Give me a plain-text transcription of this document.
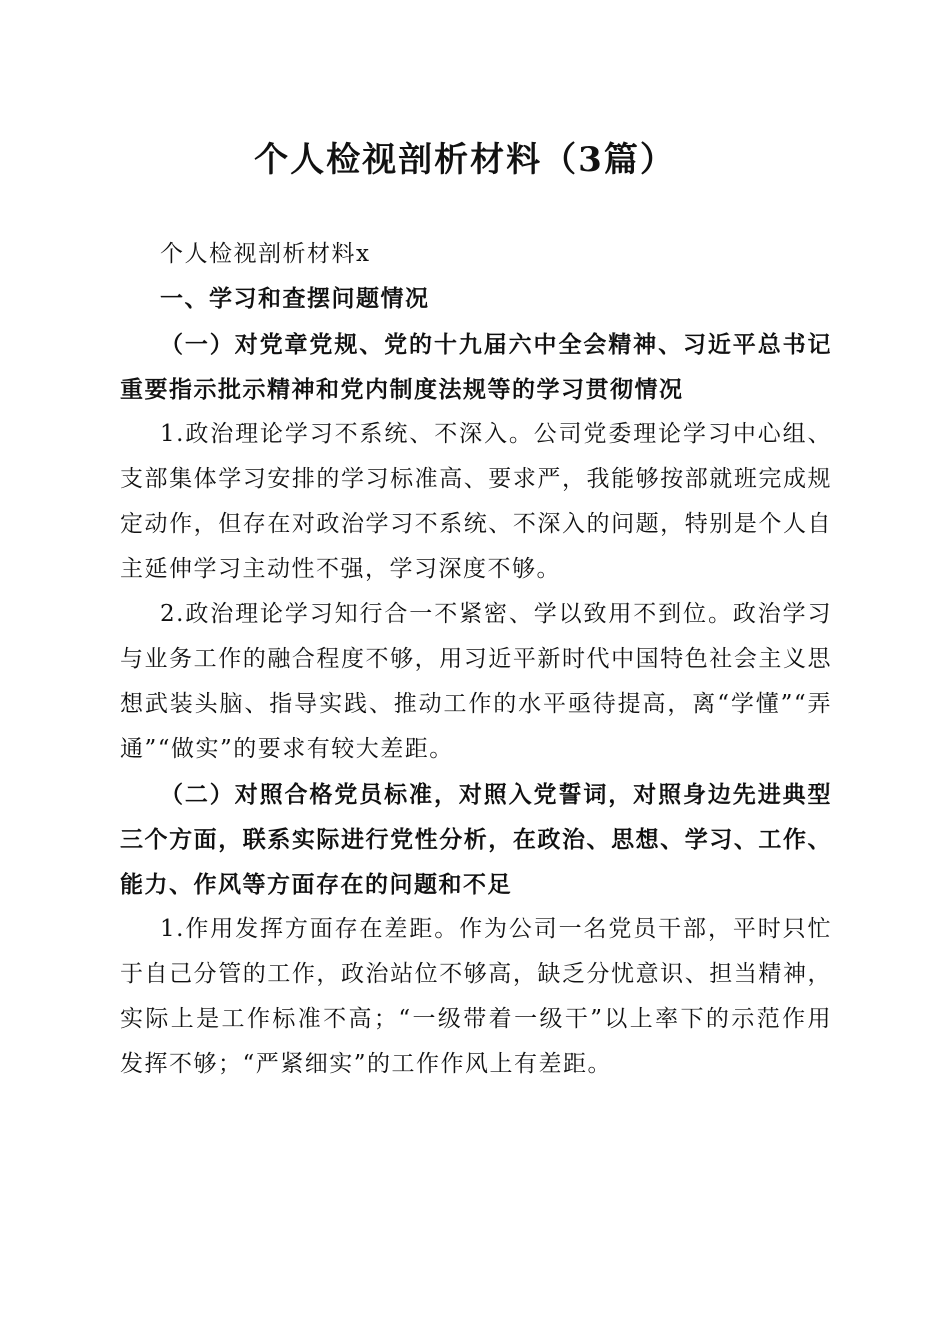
个人检视剖析材料（3篇）

个人检视剖析材料x

一、学习和查摆问题情况

（一）对党章党规、党的十九届六中全会精神、习近平总书记重要指示批示精神和党内制度法规等的学习贯彻情况

1.政治理论学习不系统、不深入。公司党委理论学习中心组、支部集体学习安排的学习标准高、要求严，我能够按部就班完成规定动作，但存在对政治学习不系统、不深入的问题，特别是个人自主延伸学习主动性不强，学习深度不够。

2.政治理论学习知行合一不紧密、学以致用不到位。政治学习与业务工作的融合程度不够，用习近平新时代中国特色社会主义思想武装头脑、指导实践、推动工作的水平亟待提高，离“学懂”“弄通”“做实”的要求有较大差距。

（二）对照合格党员标准，对照入党誓词，对照身边先进典型三个方面，联系实际进行党性分析，在政治、思想、学习、工作、能力、作风等方面存在的问题和不足

1.作用发挥方面存在差距。作为公司一名党员干部，平时只忙于自己分管的工作，政治站位不够高，缺乏分忧意识、担当精神，实际上是工作标准不高；“一级带着一级干”以上率下的示范作用发挥不够；“严紧细实”的工作作风上有差距。
